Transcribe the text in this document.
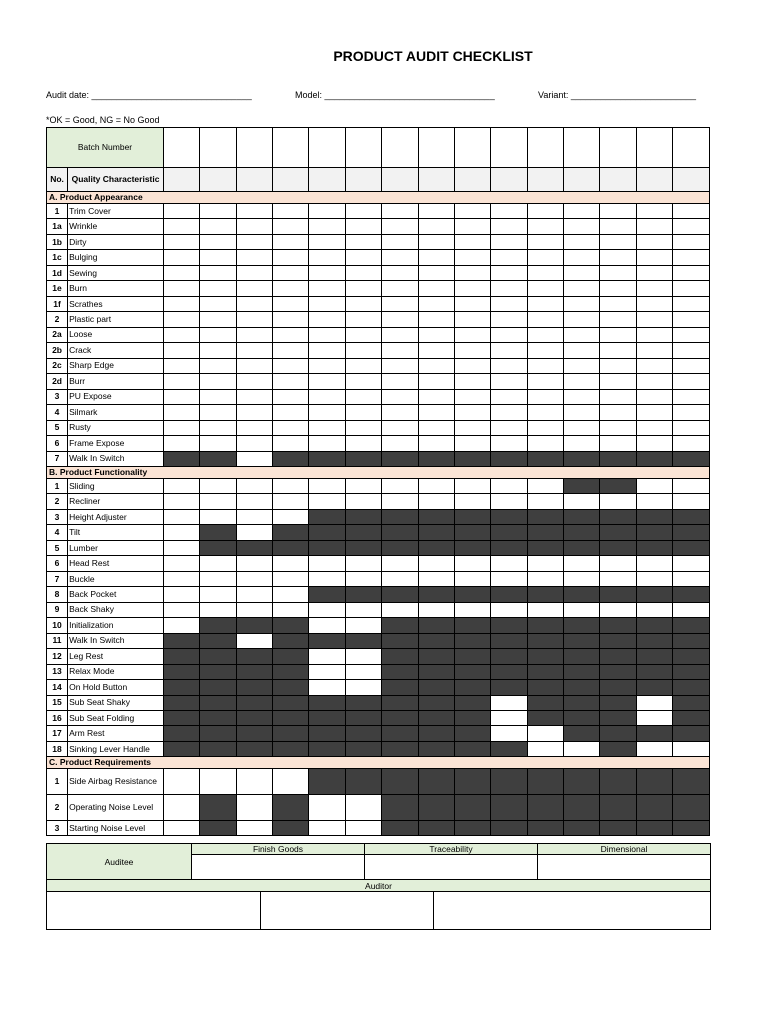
PRODUCT AUDIT CHECKLIST
Audit date: ________________________________	Model: __________________________________	Variant: _________________________
*OK = Good, NG = No Good
Batch Number																
No.	Quality Characteristic															
A. Product Appearance																
1	Trim Cover															
1a	Wrinkle															
1b	Dirty															
1c	Bulging															
1d	Sewing															
1e	Burn															
1f	Scrathes															
2	Plastic part															
2a	Loose															
2b	Crack															
2c	Sharp Edge															
2d	Burr															
3	PU Expose															
4	Silmark															
5	Rusty															
6	Frame Expose															
7	Walk In Switch															
B. Product Functionality																
1	Sliding															
2	Recliner															
3	Height Adjuster															
4	Tilt															
5	Lumber															
6	Head Rest															
7	Buckle															
8	Back Pocket															
9	Back Shaky															
10	Initialization															
11	Walk In Switch															
12	Leg Rest															
13	Relax Mode															
14	On Hold Button															
15	Sub Seat Shaky															
16	Sub Seat Folding															
17	Arm Rest															
18	Sinking Lever Handle															
C. Product Requirements																
1	Side Airbag Resistance															
2	Operating Noise Level															
3	Starting Noise Level															
Auditee	Finish Goods		Traceability		Dimensional

Auditor					
